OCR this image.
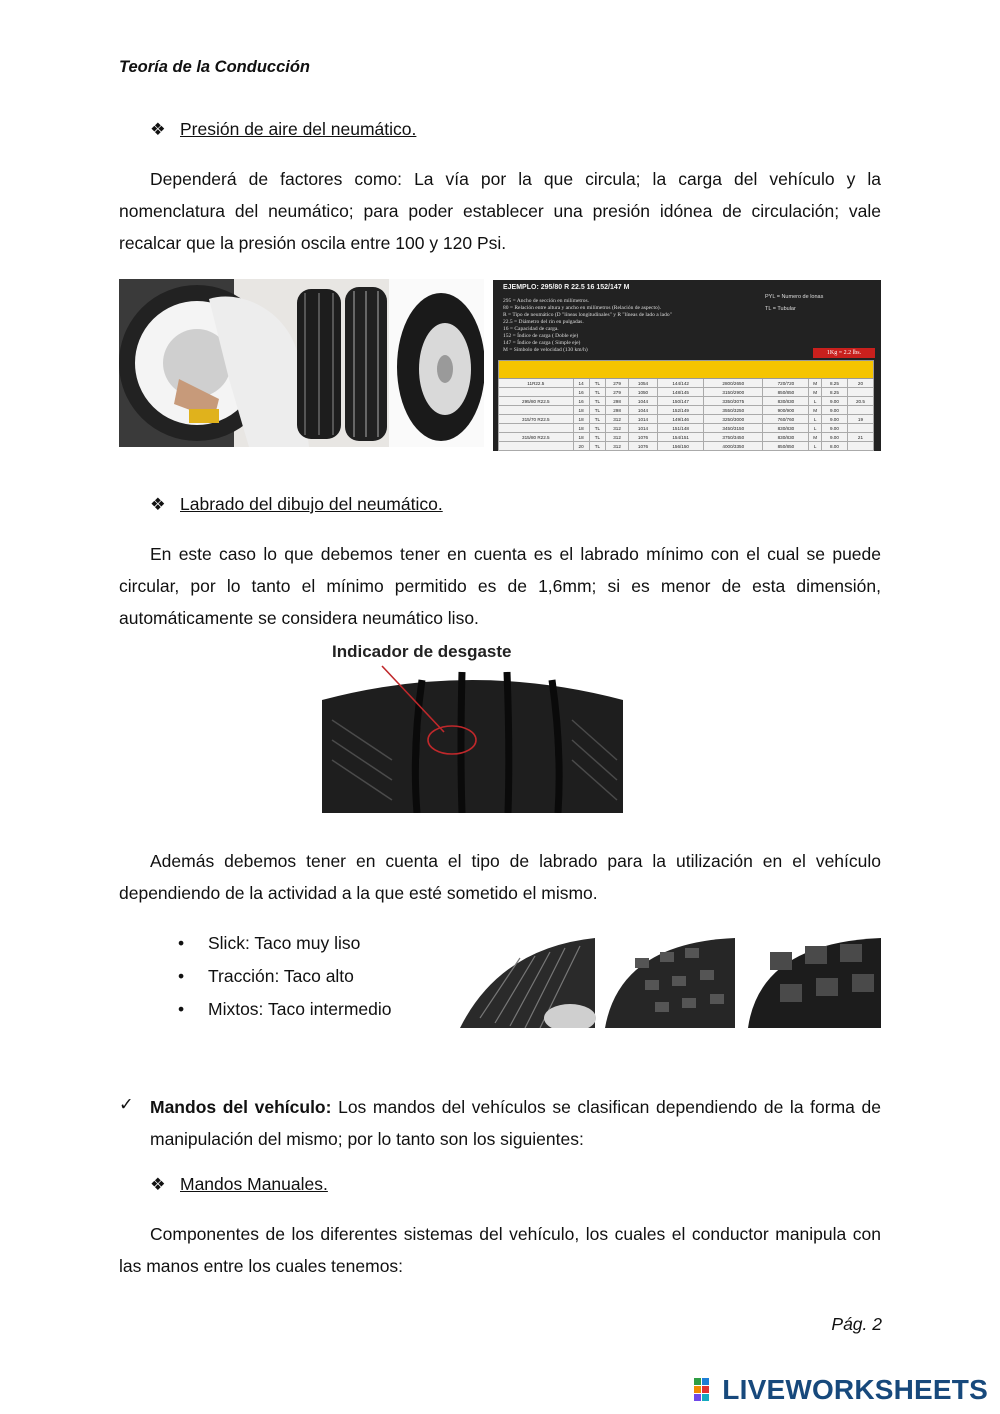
Teoría de la Conducción
❖ Presión de aire del neumático.
Dependerá de factores como: La vía por la que circula; la carga del vehículo y la nomenclatura del neumático; para poder establecer una presión idónea de circulación; vale recalcar que la presión oscila entre 100 y 120 Psi.
EJEMPLO: 295/80 R 22.5 16 152/147 M
295 = Ancho de sección en milímetros.
80 = Relación entre altura y ancho en milímetros (Relación de aspecto).
R = Tipo de neumático (D "líneas longitudinales" y R "líneas de lado a lado"
22.5 = Diámetro del rin en pulgadas.
16 = Capacidad de carga.
152 = Índice de carga ( Doble eje)
147 = Índice de carga ( Simple eje)
M = Símbolo de velocidad (130 km/h)
PYL = Numero de lonas
TL = Tubular
1Kg = 2.2 lbs.

11R22.5	14	TL	279	1054	144/142	2800/2650	720/720	M	8.25	20
	16	TL	279	1050	148/145	3150/2900	850/850	M	8.25	
295/80 R22.5	16	TL	298	1044	150/147	3350/3075	830/830	L	9.00	20.5
	18	TL	298	1044	152/149	3550/3250	900/900	M	9.00	
315/70 R22.5	18	TL	312	1014	149/146	3250/3000	760/760	L	9.00	19
	18	TL	312	1014	151/148	3450/3150	830/830	L	9.00	
315/80 R22.5	18	TL	312	1076	154/151	3750/3450	830/830	M	9.00	21
	20	TL	312	1076	156/150	4000/3350	850/850	L	8.00	
❖ Labrado del dibujo del neumático.
En este caso lo que debemos tener en cuenta es el labrado mínimo con el cual se puede circular, por lo tanto el mínimo permitido es de 1,6mm; si es menor de esta dimensión, automáticamente se considera neumático liso.
Indicador de desgaste
Además debemos tener en cuenta el tipo de labrado para la utilización en el vehículo dependiendo de la actividad a la que esté sometido el mismo.
• Slick: Taco muy liso
• Tracción: Taco alto
• Mixtos: Taco intermedio
✓ Mandos del vehículo: Los mandos del vehículos se clasifican dependiendo de la forma de manipulación del mismo; por lo tanto son los siguientes:
❖ Mandos Manuales.
Componentes de los diferentes sistemas del vehículo, los cuales el conductor manipula con las manos entre los cuales tenemos:
Pág. 2
LIVEWORKSHEETS
